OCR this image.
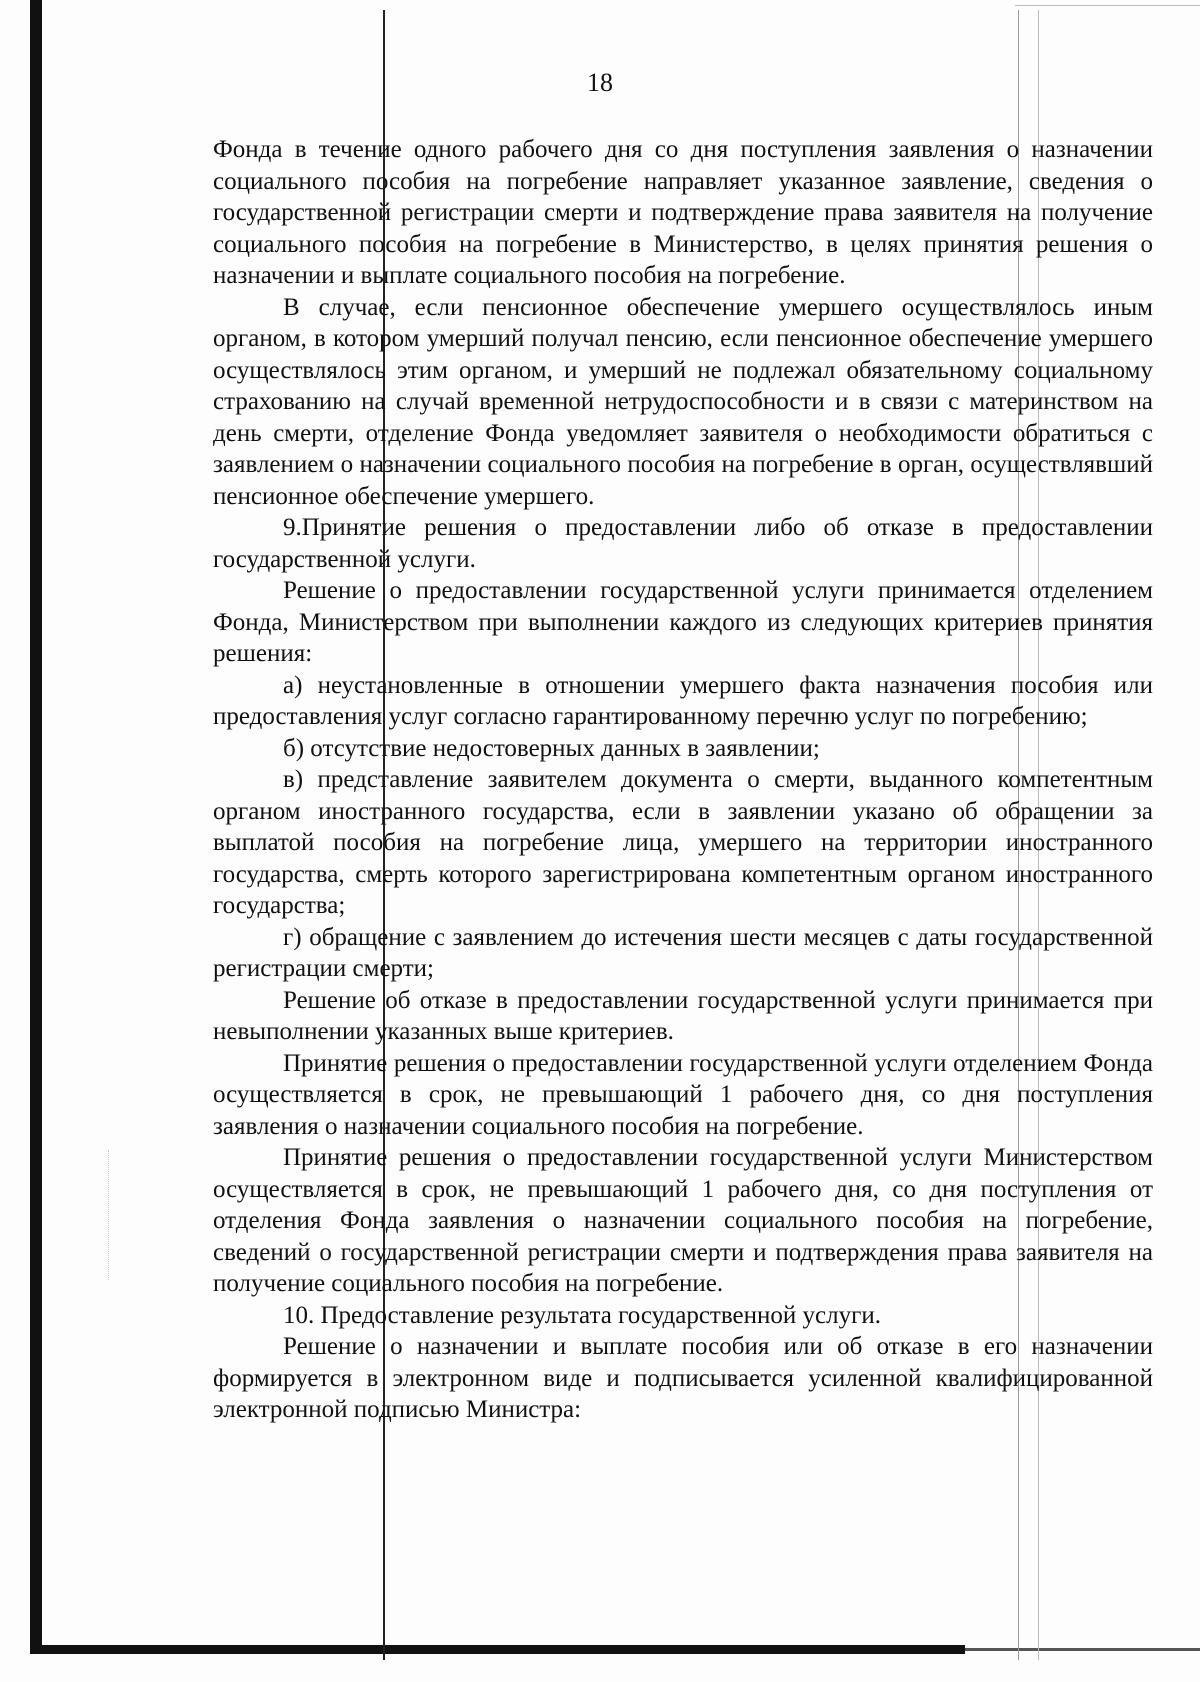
18

Фонда в течение одного рабочего дня со дня поступления заявления о назначении социального пособия на погребение направляет указанное заявление, сведения о государственной регистрации смерти и подтверждение права заявителя на получение социального пособия на погребение в Министерство, в целях принятия решения о назначении и выплате социального пособия на погребение.

В случае, если пенсионное обеспечение умершего осуществлялось иным органом, в котором умерший получал пенсию, если пенсионное обеспечение умершего осуществлялось этим органом, и умерший не подлежал обязательному социальному страхованию на случай временной нетрудоспособности и в связи с материнством на день смерти, отделение Фонда уведомляет заявителя о необходимости обратиться с заявлением о назначении социального пособия на погребение в орган, осуществлявший пенсионное обеспечение умершего.

9.Принятие решения о предоставлении либо об отказе в предоставлении государственной услуги.

Решение о предоставлении государственной услуги принимается отделением Фонда, Министерством при выполнении каждого из следующих критериев принятия решения:

а) неустановленные в отношении умершего факта назначения пособия или предоставления услуг согласно гарантированному перечню услуг по погребению;

б) отсутствие недостоверных данных в заявлении;

в) представление заявителем документа о смерти, выданного компетентным органом иностранного государства, если в заявлении указано об обращении за выплатой пособия на погребение лица, умершего на территории иностранного государства, смерть которого зарегистрирована компетентным органом иностранного государства;

г) обращение с заявлением до истечения шести месяцев с даты государственной регистрации смерти;

Решение об отказе в предоставлении государственной услуги принимается при невыполнении указанных выше критериев.

Принятие решения о предоставлении государственной услуги отделением Фонда осуществляется в срок, не превышающий 1 рабочего дня, со дня поступления заявления о назначении социального пособия на погребение.

Принятие решения о предоставлении государственной услуги Министерством осуществляется в срок, не превышающий 1 рабочего дня, со дня поступления от отделения Фонда заявления о назначении социального пособия на погребение, сведений о государственной регистрации смерти и подтверждения права заявителя на получение социального пособия на погребение.

10. Предоставление результата государственной услуги.

Решение о назначении и выплате пособия или об отказе в его назначении формируется в электронном виде и подписывается усиленной квалифицированной электронной подписью Министра:
